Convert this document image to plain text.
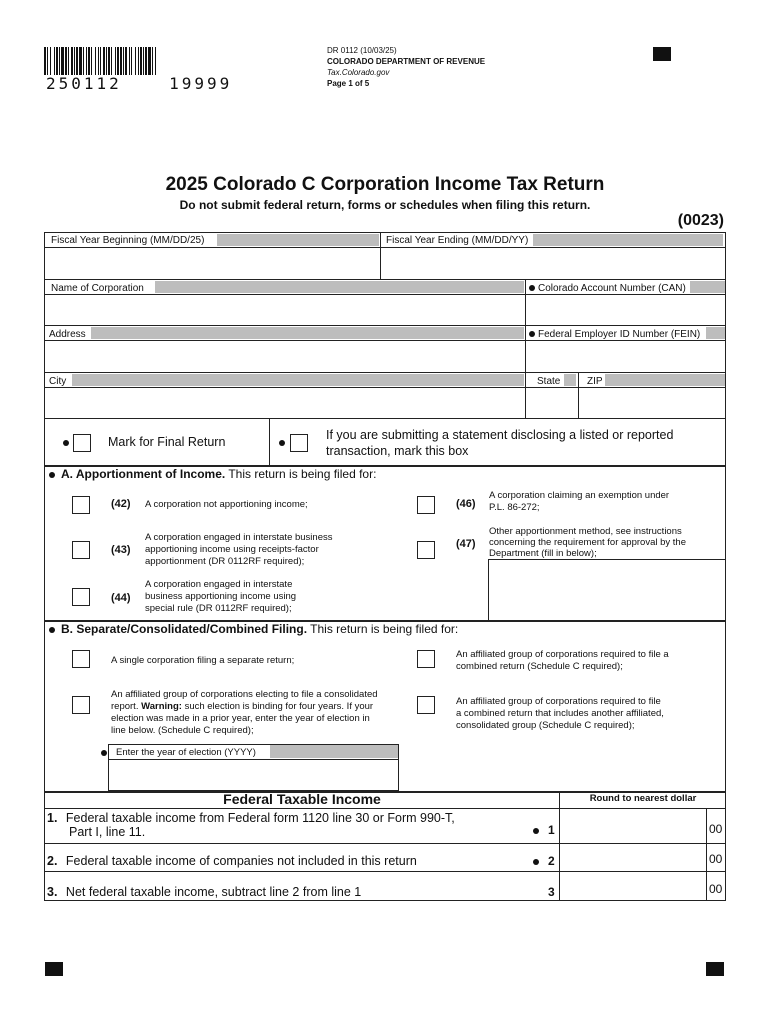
250112	19999
DR 0112 (10/03/25)
COLORADO DEPARTMENT OF REVENUE
Tax.Colorado.gov
Page 1 of 5
2025 Colorado C Corporation Income Tax Return
Do not submit federal return, forms or schedules when filing this return.
(0023)
Fiscal Year Beginning (MM/DD/25)	Fiscal Year Ending (MM/DD/YY)
Name of Corporation	Colorado Account Number (CAN)
Address	Federal Employer ID Number (FEIN)
City	State	ZIP
Mark for Final Return	If you are submitting a statement disclosing a listed or reported
transaction, mark this box
A. Apportionment of Income. This return is being filed for:
(42) A corporation not apportioning income;
(43)
A corporation engaged in interstate business
apportioning income using receipts-factor
apportionment (DR 0112RF required);
(44)
A corporation engaged in interstate
business apportioning income using
special rule (DR 0112RF required);
(46)
A corporation claiming an exemption under
P.L. 86-272;
(47)
Other apportionment method, see instructions
concerning the requirement for approval by the
Department (fill in below);
B. Separate/Consolidated/Combined Filing. This return is being filed for:
A single corporation filing a separate return;
An affiliated group of corporations electing to file a consolidated
report. Warning: such election is binding for four years. If your
election was made in a prior year, enter the year of election in
line below. (Schedule C required);
An affiliated group of corporations required to file a
combined return (Schedule C required);
An affiliated group of corporations required to file
a combined return that includes another affiliated,
consolidated group (Schedule C required);
Enter the year of election (YYYY)
Federal Taxable Income	Round to nearest dollar
1. Federal taxable income from Federal form 1120 line 30 or Form 990-T,
Part I, line 11.	1	00
2. Federal taxable income of companies not included in this return	2	00
3. Net federal taxable income, subtract line 2 from line 1	3	00
